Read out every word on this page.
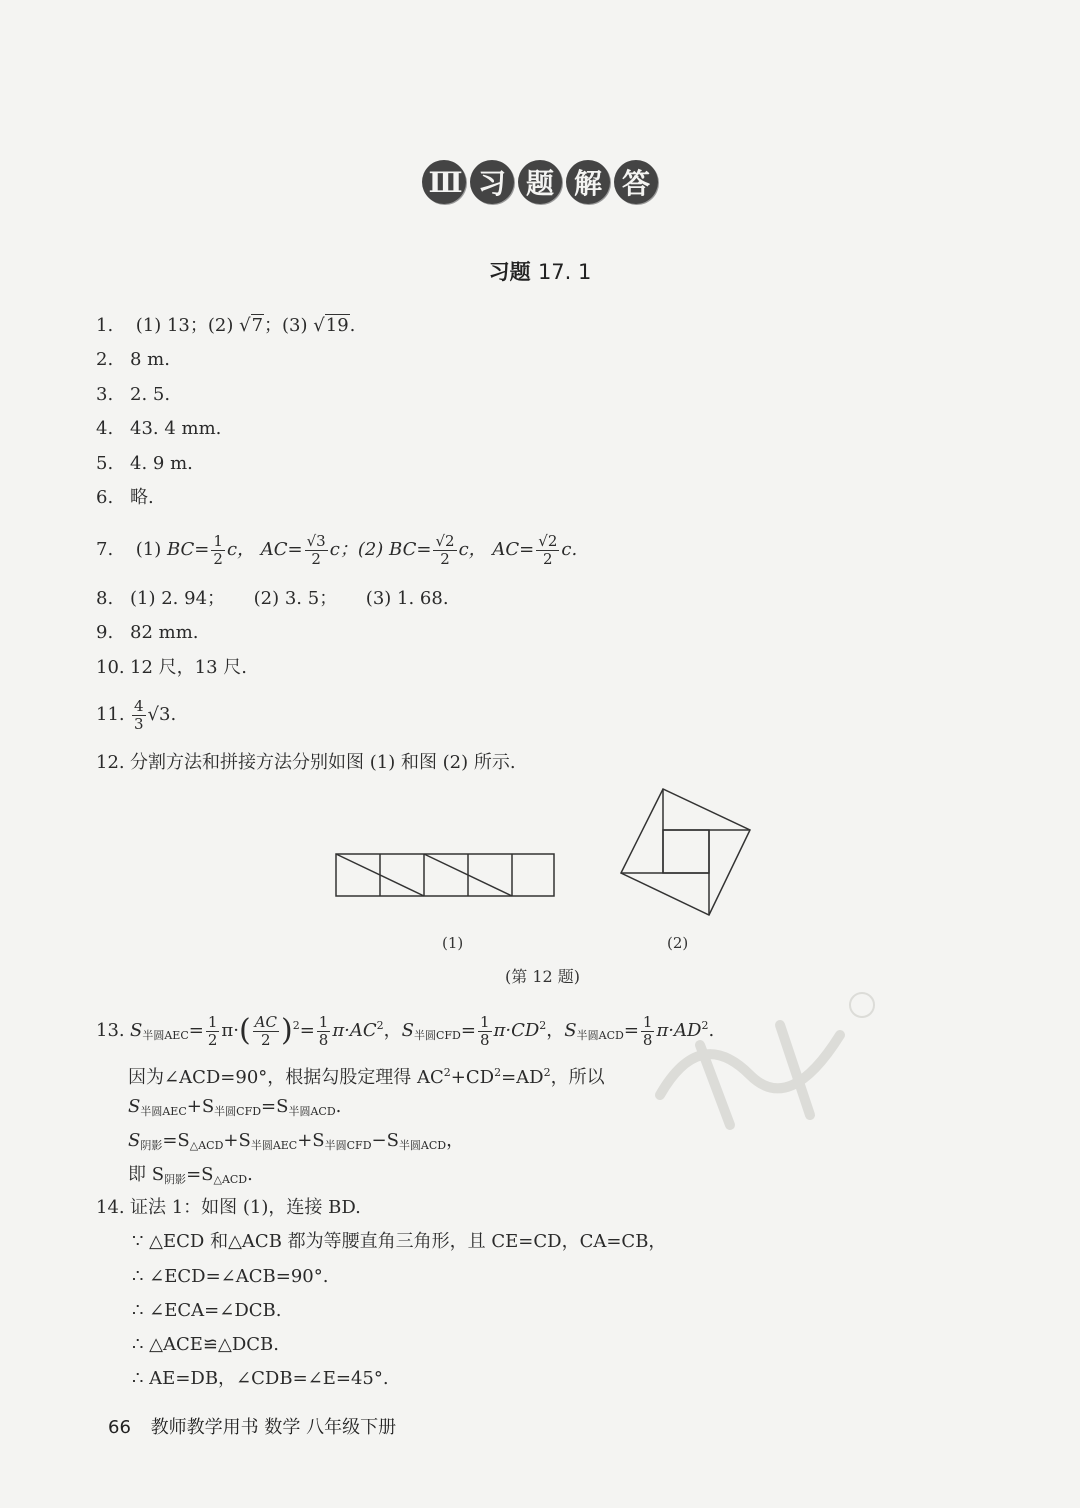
Ⅲ 习 题 解 答
习题 17. 1
1. (1) 13；(2) √7；(3) √19.
2. 8 m.
3. 2. 5.
4. 43. 4 mm.
5. 4. 9 m.
6. 略.
7. (1) $BC= \frac{1}{2}$ c， $AC= \frac{√3}{2}$ c；(2) $BC= \frac{√2}{2}$ c， $AC= \frac{√2}{2} c$.
8. (1) 2. 94；     (2) 3. 5；     (3) 1. 68.
9. 82 mm.
10. 12 尺，13 尺.
11. $\frac{4}{3} √3$.
12. 分割方法和拼接方法分别如图 (1) 和图 (2) 所示.
(1)	(2)
(第 12 题)
13. $S_{半圆AEC}= \frac{1}{2} \pi\cdot( \frac{AC}{2} )^2= \frac{1}{8} \pi\cdot AC^2$，$S_{半圆CFD}= \frac{1}{8} \pi\cdot CD^2$，$S_{半圆ACD}= \frac{1}{8} \pi\cdot AD^2$.
因为∠ACD=90°，根据勾股定理得 $AC^2+CD^2=AD^2$，所以
$S_{半圆AEC}+S_{半圆CFD}=S_{半圆ACD}$.
$S_{阴影}=S_{\triangle ACD}+S_{半圆AEC}+S_{半圆CFD}-S_{半圆ACD}$，
即 $S_{阴影}=S_{\triangle ACD}$.
14. 证法 1：如图 (1)，连接 BD.
∵ △ECD 和△ACB 都为等腰直角三角形，且 CE=CD，CA=CB，
∴ ∠ECD=∠ACB=90°.
∴ ∠ECA=∠DCB.
∴ △ACE≌△DCB.
∴ AE=DB，∠CDB=∠E=45°.
66 教师教学用书 数学 八年级下册
